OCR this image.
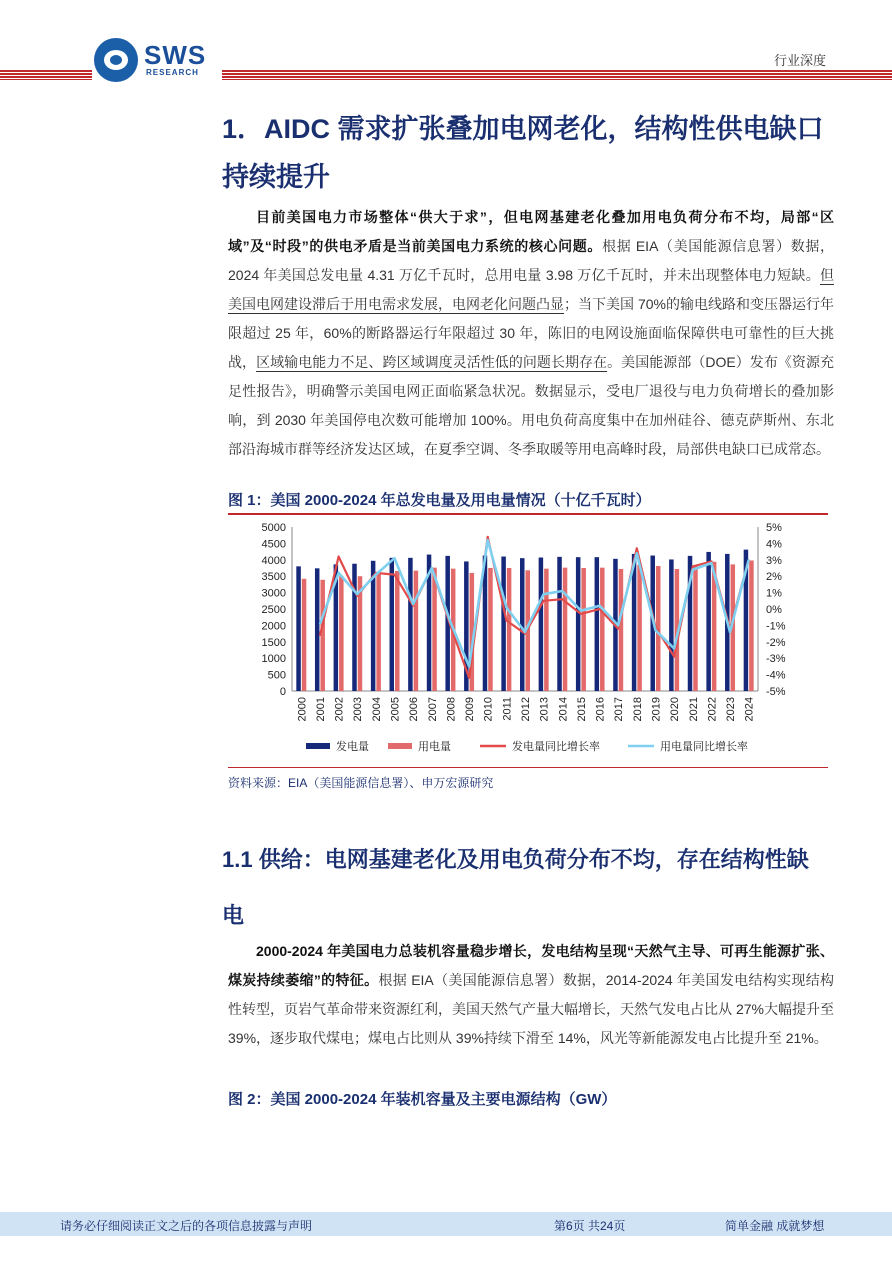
SWS
RESEARCH
行业深度
1．AIDC 需求扩张叠加电网老化，结构性供电缺口
持续提升
目前美国电力市场整体“供大于求”，但电网基建老化叠加用电负荷分布不均，局部“区域”及“时段”的供电矛盾是当前美国电力系统的核心问题。根据 EIA（美国能源信息署）数据，2024 年美国总发电量 4.31 万亿千瓦时，总用电量 3.98 万亿千瓦时，并未出现整体电力短缺。但美国电网建设滞后于用电需求发展，电网老化问题凸显；当下美国 70%的输电线路和变压器运行年限超过 25 年，60%的断路器运行年限超过 30 年，陈旧的电网设施面临保障供电可靠性的巨大挑战，区域输电能力不足、跨区域调度灵活性低的问题长期存在。美国能源部（DOE）发布《资源充足性报告》，明确警示美国电网正面临紧急状况。数据显示，受电厂退役与电力负荷增长的叠加影响，到 2030 年美国停电次数可能增加 100%。用电负荷高度集中在加州硅谷、德克萨斯州、东北部沿海城市群等经济发达区域，在夏季空调、冬季取暖等用电高峰时段，局部供电缺口已成常态。
图 1：美国 2000-2024 年总发电量及用电量情况（十亿千瓦时）
0
500
1000
1500
2000
2500
3000
3500
4000
4500
5000
-5%
-4%
-3%
-2%
-1%
0%
1%
2%
3%
4%
5%
2000 2001 2002 2003 2004 2005 2006 2007 2008 2009 2010 2011 2012 2013 2014 2015 2016 2017 2018 2019 2020 2021 2022 2023 2024
发电量	用电量	发电量同比增长率	用电量同比增长率
资料来源：EIA（美国能源信息署）、申万宏源研究
1.1 供给：电网基建老化及用电负荷分布不均，存在结构性缺
电
2000-2024 年美国电力总装机容量稳步增长，发电结构呈现“天然气主导、可再生能源扩张、煤炭持续萎缩”的特征。根据 EIA（美国能源信息署）数据，2014-2024 年美国发电结构实现结构性转型，页岩气革命带来资源红利，美国天然气产量大幅增长，天然气发电占比从 27%大幅提升至 39%，逐步取代煤电；煤电占比则从 39%持续下滑至 14%，风光等新能源发电占比提升至 21%。
图 2：美国 2000-2024 年装机容量及主要电源结构（GW）
请务必仔细阅读正文之后的各项信息披露与声明	第6页 共24页	简单金融 成就梦想
